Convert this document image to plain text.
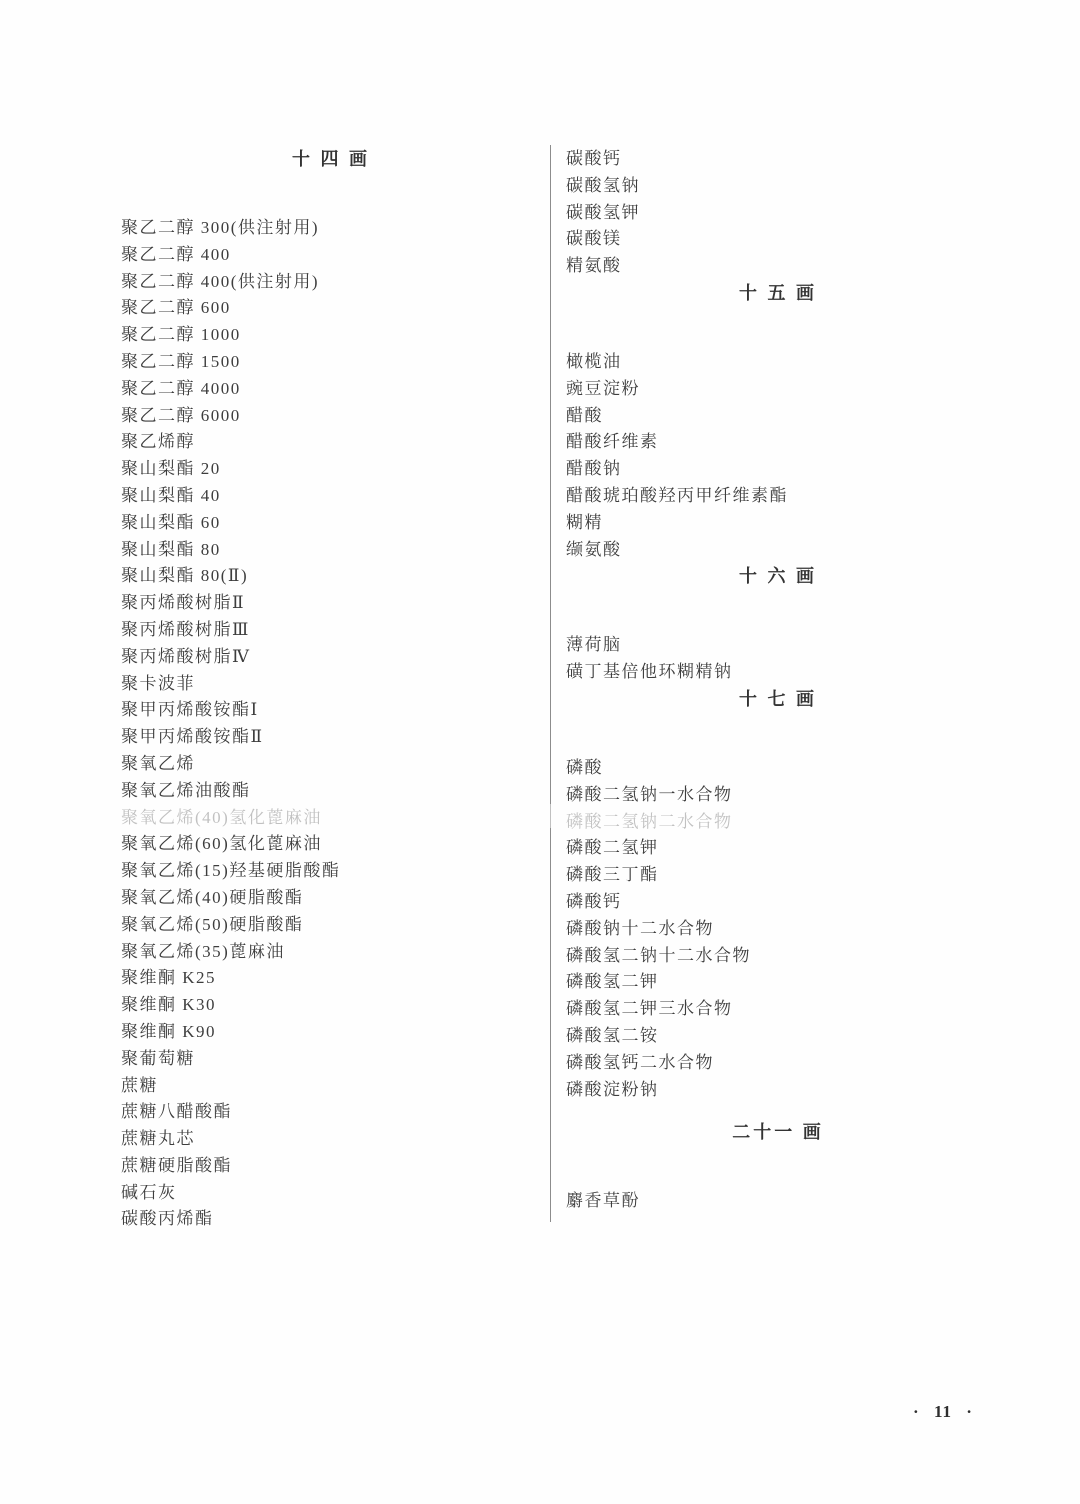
十 四 画
聚乙二醇 300(供注射用)
聚乙二醇 400
聚乙二醇 400(供注射用)
聚乙二醇 600
聚乙二醇 1000
聚乙二醇 1500
聚乙二醇 4000
聚乙二醇 6000
聚乙烯醇
聚山梨酯 20
聚山梨酯 40
聚山梨酯 60
聚山梨酯 80
聚山梨酯 80(Ⅱ)
聚丙烯酸树脂Ⅱ
聚丙烯酸树脂Ⅲ
聚丙烯酸树脂Ⅳ
聚卡波菲
聚甲丙烯酸铵酯Ⅰ
聚甲丙烯酸铵酯Ⅱ
聚氧乙烯
聚氧乙烯油酸酯
聚氧乙烯(40)氢化蓖麻油
聚氧乙烯(60)氢化蓖麻油
聚氧乙烯(15)羟基硬脂酸酯
聚氧乙烯(40)硬脂酸酯
聚氧乙烯(50)硬脂酸酯
聚氧乙烯(35)蓖麻油
聚维酮 K25
聚维酮 K30
聚维酮 K90
聚葡萄糖
蔗糖
蔗糖八醋酸酯
蔗糖丸芯
蔗糖硬脂酸酯
碱石灰
碳酸丙烯酯
碳酸钙
碳酸氢钠
碳酸氢钾
碳酸镁
精氨酸
十 五 画
橄榄油
豌豆淀粉
醋酸
醋酸纤维素
醋酸钠
醋酸琥珀酸羟丙甲纤维素酯
糊精
缬氨酸
十 六 画
薄荷脑
磺丁基倍他环糊精钠
十 七 画
磷酸
磷酸二氢钠一水合物
磷酸二氢钠二水合物
磷酸二氢钾
磷酸三丁酯
磷酸钙
磷酸钠十二水合物
磷酸氢二钠十二水合物
磷酸氢二钾
磷酸氢二钾三水合物
磷酸氢二铵
磷酸氢钙二水合物
磷酸淀粉钠
二十一 画
麝香草酚
· 11 ·
